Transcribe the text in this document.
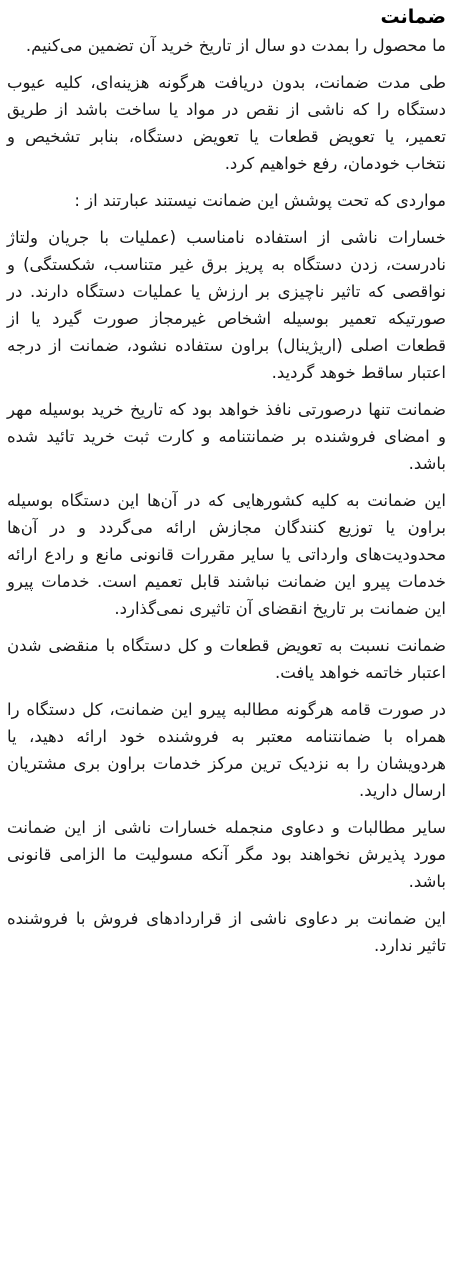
ضمانت

ما محصول را بمدت دو سال از تاریخ خرید آن تضمین می‌کنیم.

طی مدت ضمانت، بدون دریافت هرگونه هزینه‌ای، کلیه عیوب دستگاه را که ناشی از نقص در مواد یا ساخت باشد از طریق تعمیر، یا تعویض قطعات یا تعویض دستگاه، بنابر تشخیص و نتخاب خودمان، رفع خواهیم کرد.

مواردی که تحت پوشش این ضمانت نیستند عبارتند از :

خسارات ناشی از استفاده نامناسب (عملیات با جریان ولتاژ نادرست، زدن دستگاه به پریز برق غیر متناسب، شکستگی) و نواقصی که تاثیر ناچیزی بر ارزش یا عملیات دستگاه دارند. در صورتیکه تعمیر بوسیله اشخاص غیرمجاز صورت گیرد یا از قطعات اصلی (اریژینال) براون ستفاده نشود، ضمانت از درجه اعتبار ساقط خوهد گردید.

ضمانت تنها درصورتی نافذ خواهد بود که تاریخ خرید بوسیله مهر و امضای فروشنده بر ضمانتنامه و کارت ثبت خرید تائید شده باشد.

این ضمانت به کلیه کشورهایی که در آن‌ها این دستگاه بوسیله براون یا توزیع کنندگان مجازش ارائه می‌گردد و در آن‌ها محدودیت‌های وارداتی یا سایر مقررات قانونی مانع و رادع ارائه خدمات پیرو این ضمانت نباشند قابل تعمیم است. خدمات پیرو این ضمانت بر تاریخ انقضای آن تاثیری نمی‌گذارد.

ضمانت نسبت به تعویض قطعات و کل دستگاه با منقضی شدن اعتبار خاتمه خواهد یافت.

در صورت قامه هرگونه مطالبه پیرو این ضمانت، کل دستگاه را همراه با ضمانتنامه معتبر به فروشنده خود ارائه دهید، یا هردویشان را به نزدیک ترین مرکز خدمات براون بری مشتریان ارسال دارید.

سایر مطالبات و دعاوی منجمله خسارات ناشی از این ضمانت مورد پذیرش نخواهند بود مگر آنکه مسولیت ما الزامی قانونی باشد.

این ضمانت بر دعاوی ناشی از قراردادهای فروش با فروشنده تاثیر ندارد.
